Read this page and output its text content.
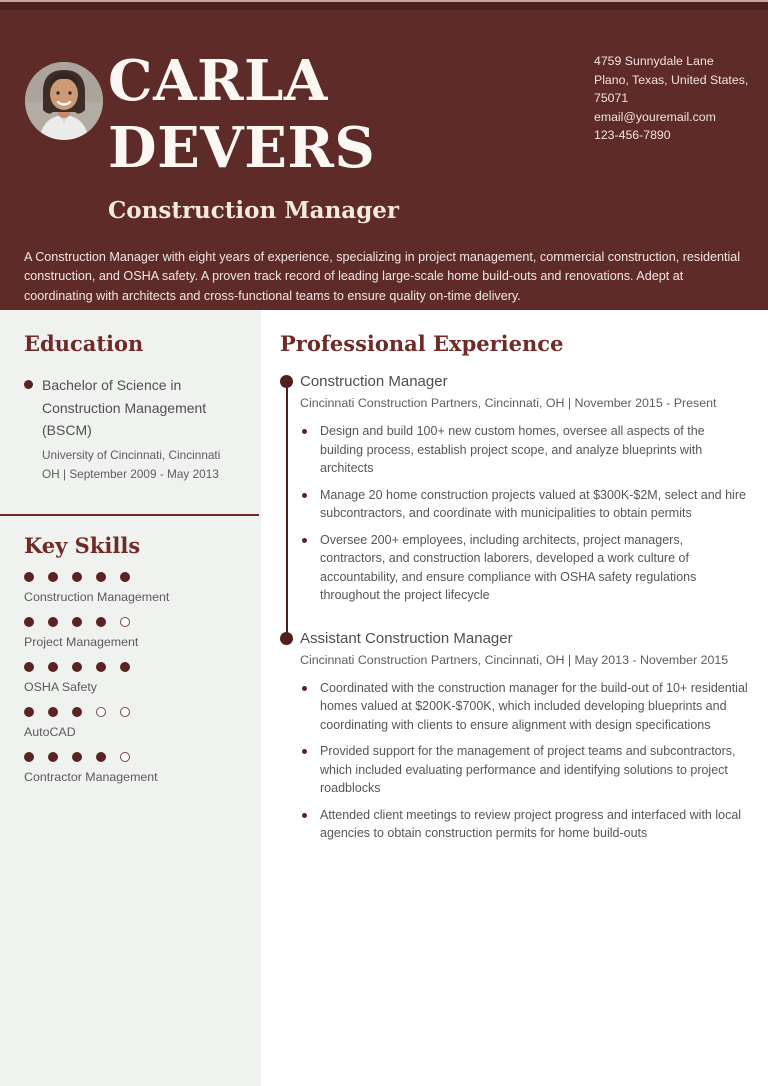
CARLA
DEVERS
Construction Manager
4759 Sunnydale Lane
Plano, Texas, United States,
75071
email@youremail.com
123-456-7890

A Construction Manager with eight years of experience, specializing in project management, commercial construction, residential construction, and OSHA safety. A proven track record of leading large-scale home build-outs and renovations. Adept at coordinating with architects and cross-functional teams to ensure quality on-time delivery.

Education
Bachelor of Science in Construction Management (BSCM)
University of Cincinnati, Cincinnati OH | September 2009 - May 2013
Key Skills
Construction Management
Project Management
OSHA Safety
AutoCAD
Contractor Management
Professional Experience
Construction Manager
Cincinnati Construction Partners, Cincinnati, OH | November 2015 - Present
Design and build 100+ new custom homes, oversee all aspects of the building process, establish project scope, and analyze blueprints with architects
Manage 20 home construction projects valued at $300K-$2M, select and hire subcontractors, and coordinate with municipalities to obtain permits
Oversee 200+ employees, including architects, project managers, contractors, and construction laborers, developed a work culture of accountability, and ensure compliance with OSHA safety regulations throughout the project lifecycle
Assistant Construction Manager
Cincinnati Construction Partners, Cincinnati, OH | May 2013 - November 2015
Coordinated with the construction manager for the build-out of 10+ residential homes valued at $200K-$700K, which included developing blueprints and coordinating with clients to ensure alignment with design specifications
Provided support for the management of project teams and subcontractors, which included evaluating performance and identifying solutions to project roadblocks
Attended client meetings to review project progress and interfaced with local agencies to obtain construction permits for home build-outs
